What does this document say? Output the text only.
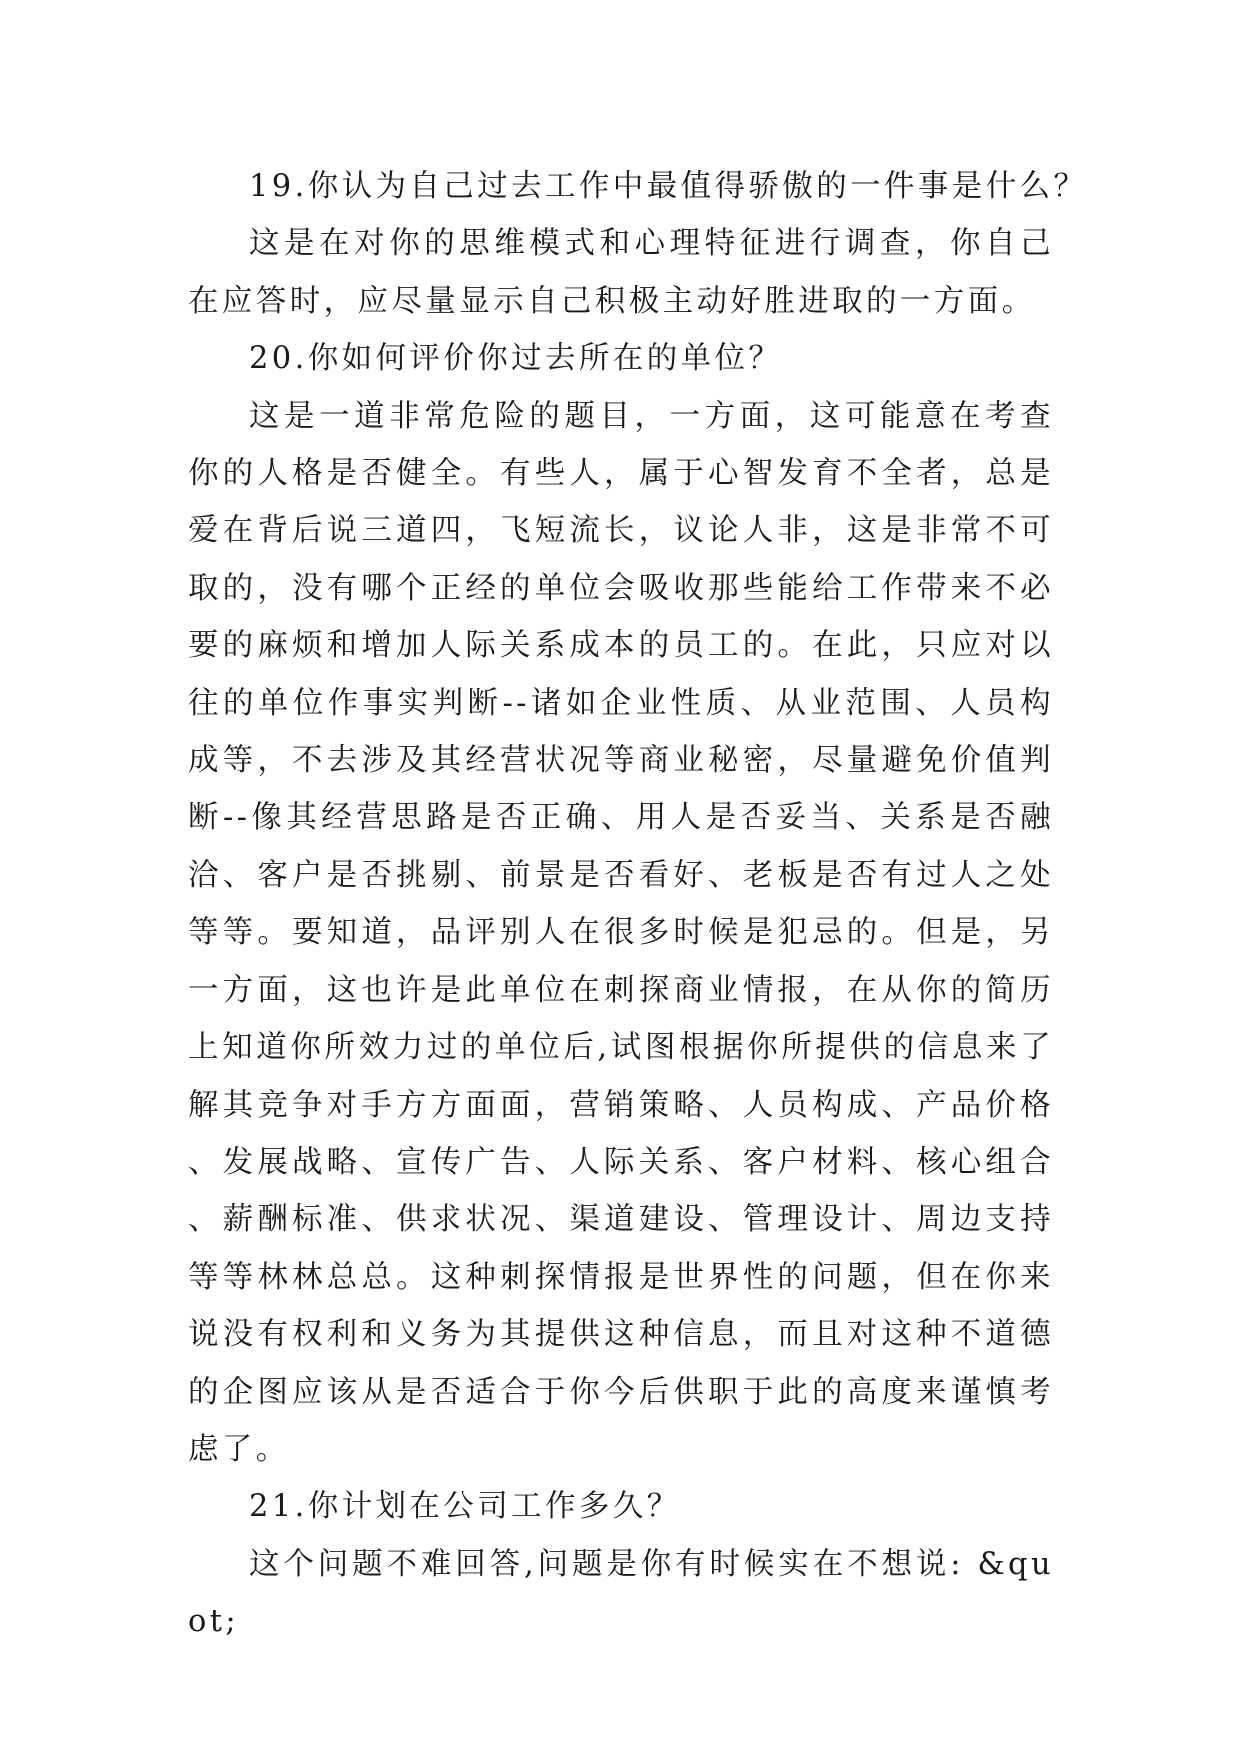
19.你认为自己过去工作中最值得骄傲的一件事是什么？

这是在对你的思维模式和心理特征进行调查，你自己在应答时，应尽量显示自己积极主动好胜进取的一方面。

20.你如何评价你过去所在的单位？

这是一道非常危险的题目，一方面，这可能意在考查你的人格是否健全。有些人，属于心智发育不全者，总是爱在背后说三道四，飞短流长，议论人非，这是非常不可取的，没有哪个正经的单位会吸收那些能给工作带来不必要的麻烦和增加人际关系成本的员工的。在此，只应对以往的单位作事实判断--诸如企业性质、从业范围、人员构成等，不去涉及其经营状况等商业秘密，尽量避免价值判断--像其经营思路是否正确、用人是否妥当、关系是否融洽、客户是否挑剔、前景是否看好、老板是否有过人之处等等。要知道，品评别人在很多时候是犯忌的。但是，另一方面，这也许是此单位在刺探商业情报，在从你的简历上知道你所效力过的单位后,试图根据你所提供的信息来了解其竞争对手方方面面，营销策略、人员构成、产品价格、发展战略、宣传广告、人际关系、客户材料、核心组合、薪酬标准、供求状况、渠道建设、管理设计、周边支持等等林林总总。这种刺探情报是世界性的问题，但在你来说没有权利和义务为其提供这种信息，而且对这种不道德的企图应该从是否适合于你今后供职于此的高度来谨慎考虑了。

21.你计划在公司工作多久？

这个问题不难回答,问题是你有时候实在不想说: &quot;
